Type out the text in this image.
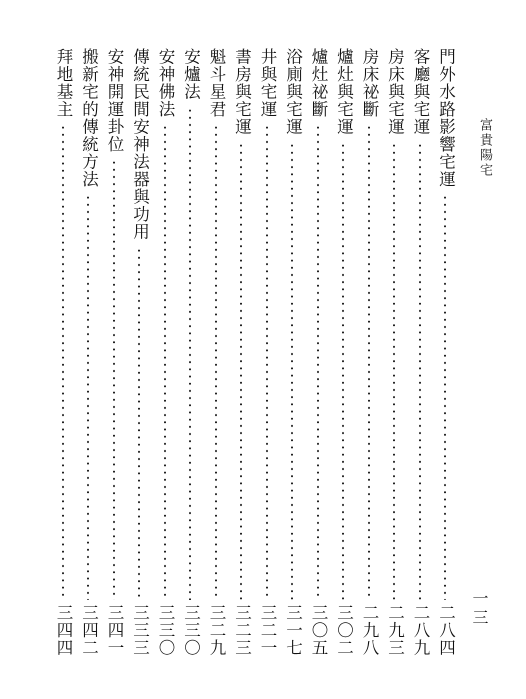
富貴陽宅
門外水路影響宅運
二八四
客廳與宅運
二八九
房床與宅運
二九三
房床祕斷
二九八
爐灶與宅運
三〇二
爐灶祕斷
三〇五
浴廁與宅運
三一七
井與宅運
三二一
書房與宅運
三二三
魁斗星君
三二九
安爐法
三三〇
安神佛法
三三〇
傳統民間安神法器與功用
三三三
安神開運卦位
三四一
搬新宅的傳統方法
三四二
拜地基主
三四四	一三
